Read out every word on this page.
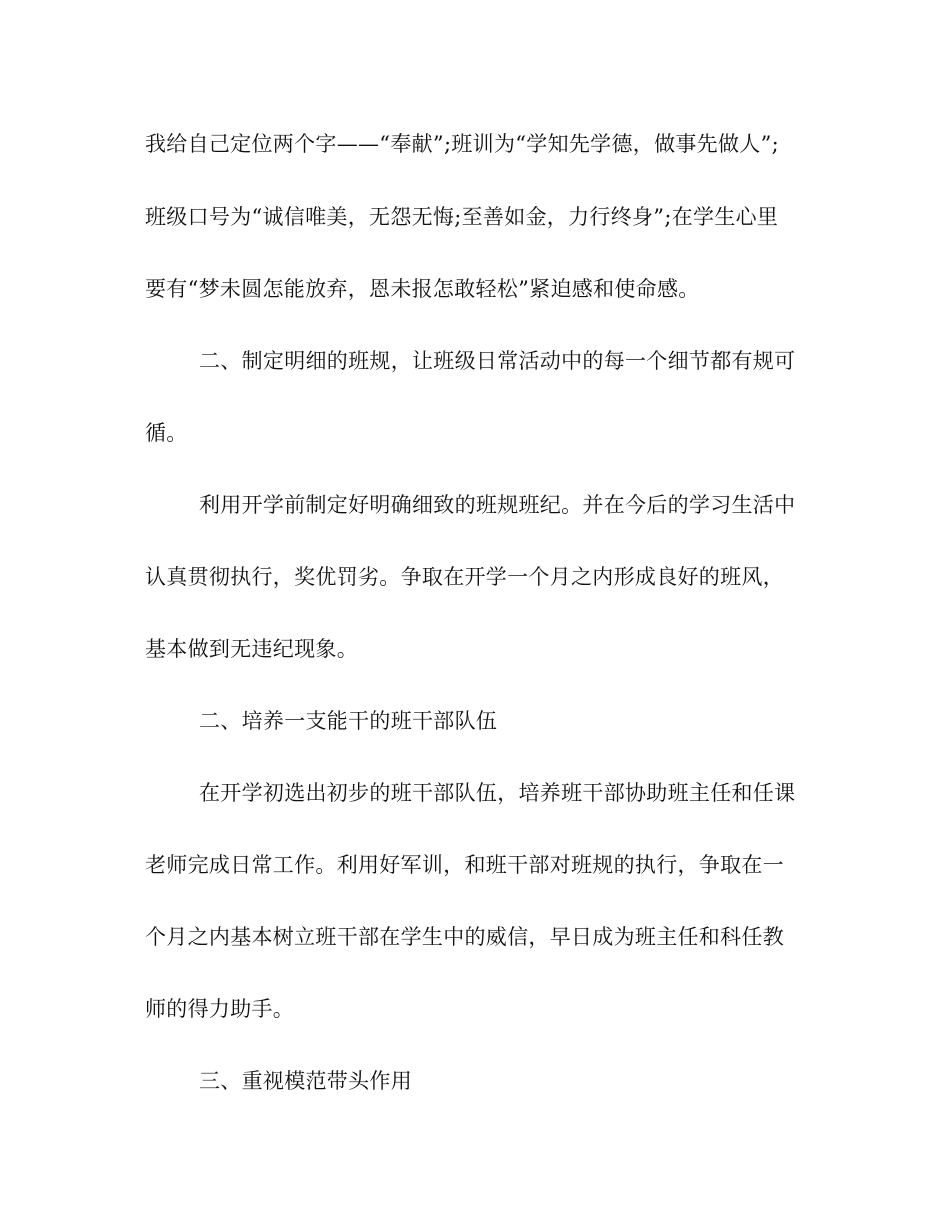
我给自己定位两个字——“奉献”;班训为“学知先学德，做事先做人”;
班级口号为“诚信唯美，无怨无悔;至善如金，力行终身”;在学生心里
要有“梦未圆怎能放弃，恩未报怎敢轻松”紧迫感和使命感。
二、制定明细的班规，让班级日常活动中的每一个细节都有规可
循。
利用开学前制定好明确细致的班规班纪。并在今后的学习生活中
认真贯彻执行，奖优罚劣。争取在开学一个月之内形成良好的班风，
基本做到无违纪现象。
二、培养一支能干的班干部队伍
在开学初选出初步的班干部队伍，培养班干部协助班主任和任课
老师完成日常工作。利用好军训，和班干部对班规的执行，争取在一
个月之内基本树立班干部在学生中的威信，早日成为班主任和科任教
师的得力助手。
三、重视模范带头作用
